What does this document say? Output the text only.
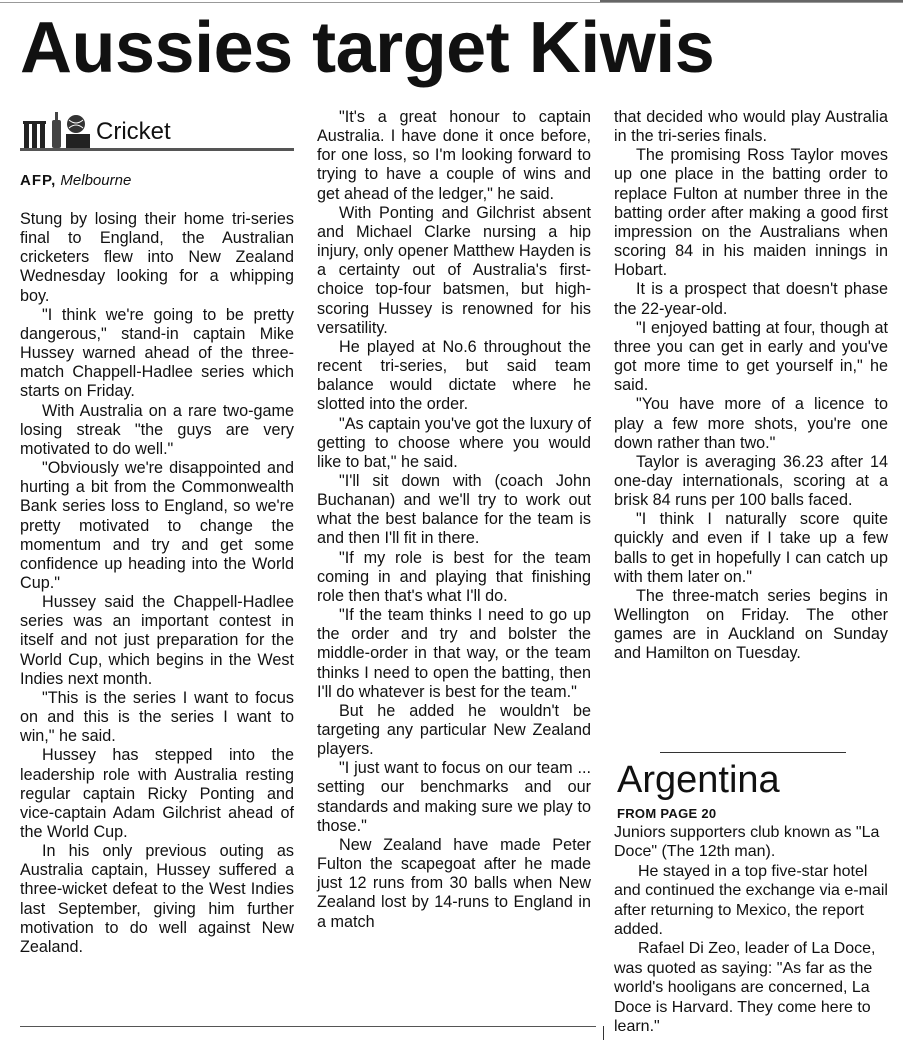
Aussies target Kiwis
Cricket
AFP, Melbourne

Stung by losing their home tri-series final to England, the Australian cricketers flew into New Zealand Wednesday looking for a whipping boy.

"I think we're going to be pretty dangerous," stand-in captain Mike Hussey warned ahead of the three-match Chappell-Hadlee series which starts on Friday.

With Australia on a rare two-game losing streak "the guys are very motivated to do well."

"Obviously we're disappointed and hurting a bit from the Commonwealth Bank series loss to England, so we're pretty motivated to change the momentum and try and get some confidence up heading into the World Cup."

Hussey said the Chappell-Hadlee series was an important contest in itself and not just preparation for the World Cup, which begins in the West Indies next month.

"This is the series I want to focus on and this is the series I want to win," he said.

Hussey has stepped into the leadership role with Australia resting regular captain Ricky Ponting and vice-captain Adam Gilchrist ahead of the World Cup.

In his only previous outing as Australia captain, Hussey suffered a three-wicket defeat to the West Indies last September, giving him further motivation to do well against New Zealand.

"It's a great honour to captain Australia. I have done it once before, for one loss, so I'm looking forward to trying to have a couple of wins and get ahead of the ledger," he said.

With Ponting and Gilchrist absent and Michael Clarke nursing a hip injury, only opener Matthew Hayden is a certainty out of Australia's first-choice top-four batsmen, but high-scoring Hussey is renowned for his versatility.

He played at No.6 throughout the recent tri-series, but said team balance would dictate where he slotted into the order.

"As captain you've got the luxury of getting to choose where you would like to bat," he said.

"I'll sit down with (coach John Buchanan) and we'll try to work out what the best balance for the team is and then I'll fit in there.

"If my role is best for the team coming in and playing that finishing role then that's what I'll do.

"If the team thinks I need to go up the order and try and bolster the middle-order in that way, or the team thinks I need to open the batting, then I'll do whatever is best for the team."

But he added he wouldn't be targeting any particular New Zealand players.

"I just want to focus on our team ... setting our benchmarks and our standards and making sure we play to those."

New Zealand have made Peter Fulton the scapegoat after he made just 12 runs from 30 balls when New Zealand lost by 14-runs to England in a match

that decided who would play Australia in the tri-series finals.

The promising Ross Taylor moves up one place in the batting order to replace Fulton at number three in the batting order after making a good first impression on the Australians when scoring 84 in his maiden innings in Hobart.

It is a prospect that doesn't phase the 22-year-old.

"I enjoyed batting at four, though at three you can get in early and you've got more time to get yourself in," he said.

"You have more of a licence to play a few more shots, you're one down rather than two."

Taylor is averaging 36.23 after 14 one-day internationals, scoring at a brisk 84 runs per 100 balls faced.

"I think I naturally score quite quickly and even if I take up a few balls to get in hopefully I can catch up with them later on."

The three-match series begins in Wellington on Friday. The other games are in Auckland on Sunday and Hamilton on Tuesday.

Argentina
FROM PAGE 20

Juniors supporters club known as "La Doce" (The 12th man).

He stayed in a top five-star hotel and continued the exchange via e-mail after returning to Mexico, the report added.

Rafael Di Zeo, leader of La Doce, was quoted as saying: "As far as the world's hooligans are concerned, La Doce is Harvard. They come here to learn."
